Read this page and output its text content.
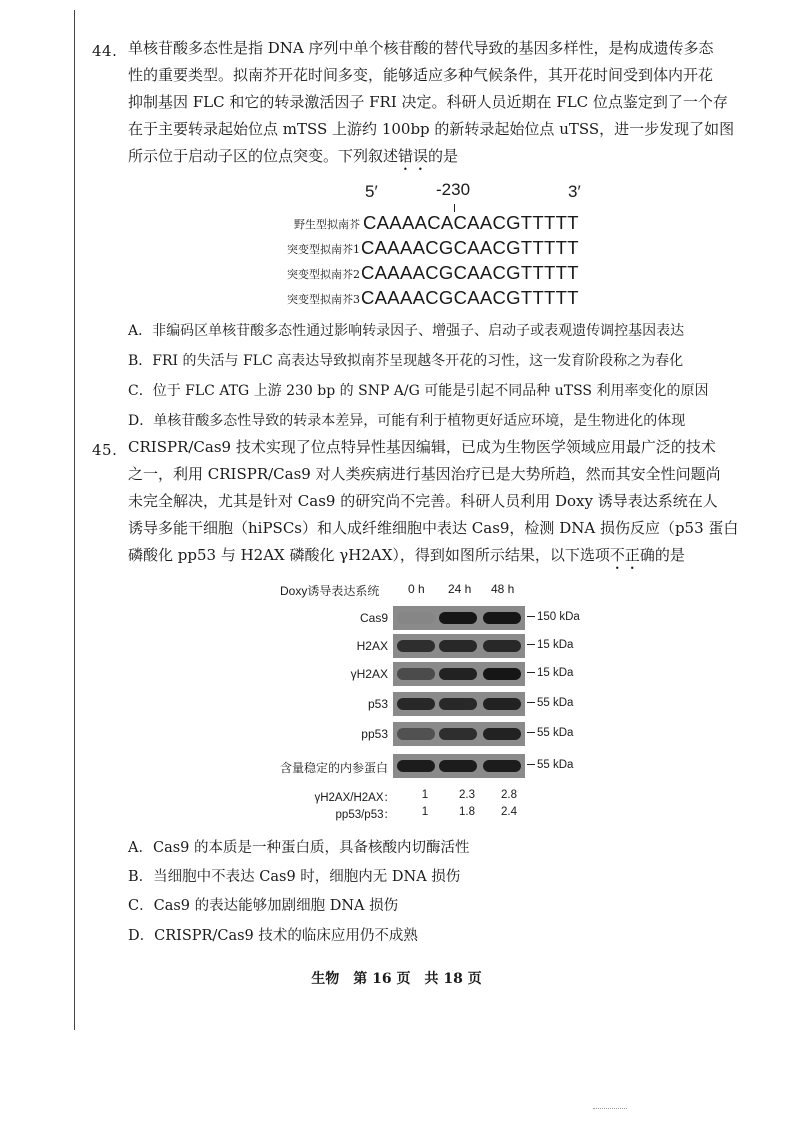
44. 单核苷酸多态性是指 DNA 序列中单个核苷酸的替代导致的基因多样性，是构成遗传多态
性的重要类型。拟南芥开花时间多变，能够适应多种气候条件，其开花时间受到体内开花
抑制基因 FLC 和它的转录激活因子 FRI 决定。科研人员近期在 FLC 位点鉴定到了一个存
在于主要转录起始位点 mTSS 上游约 100bp 的新转录起始位点 uTSS，进一步发现了如图
所示位于启动子区的位点突变。下列叙述错误的是
5′	-230	3′
野生型拟南芥 CAAAACACAACGTTTTT
突变型拟南芥1 CAAAACGCAACGTTTTT
突变型拟南芥2 CAAAACGCAACGTTTTT
突变型拟南芥3 CAAAACGCAACGTTTTT
A．非编码区单核苷酸多态性通过影响转录因子、增强子、启动子或表观遗传调控基因表达
B．FRI 的失活与 FLC 高表达导致拟南芥呈现越冬开花的习性，这一发育阶段称之为春化
C．位于 FLC ATG 上游 230 bp 的 SNP A/G 可能是引起不同品种 uTSS 利用率变化的原因
D．单核苷酸多态性导致的转录本差异，可能有利于植物更好适应环境，是生物进化的体现
45. CRISPR/Cas9 技术实现了位点特异性基因编辑，已成为生物医学领域应用最广泛的技术
之一，利用 CRISPR/Cas9 对人类疾病进行基因治疗已是大势所趋，然而其安全性问题尚
未完全解决，尤其是针对 Cas9 的研究尚不完善。科研人员利用 Doxy 诱导表达系统在人
诱导多能干细胞（hiPSCs）和人成纤维细胞中表达 Cas9，检测 DNA 损伤反应（p53 蛋白
磷酸化 pp53 与 H2AX 磷酸化 γH2AX），得到如图所示结果，以下选项不正确的是
Doxy诱导表达系统 0 h 24 h 48 h
Cas9	150 kDa
H2AX	15 kDa
γH2AX	15 kDa
p53	55 kDa
pp53	55 kDa
含量稳定的内参蛋白	55 kDa
γH2AX/H2AX：	1	2.3	2.8
pp53/p53：	1	1.8	2.4
A．Cas9 的本质是一种蛋白质，具备核酸内切酶活性
B．当细胞中不表达 Cas9 时，细胞内无 DNA 损伤
C．Cas9 的表达能够加剧细胞 DNA 损伤
D．CRISPR/Cas9 技术的临床应用仍不成熟
生物　第 16 页　共 18 页
